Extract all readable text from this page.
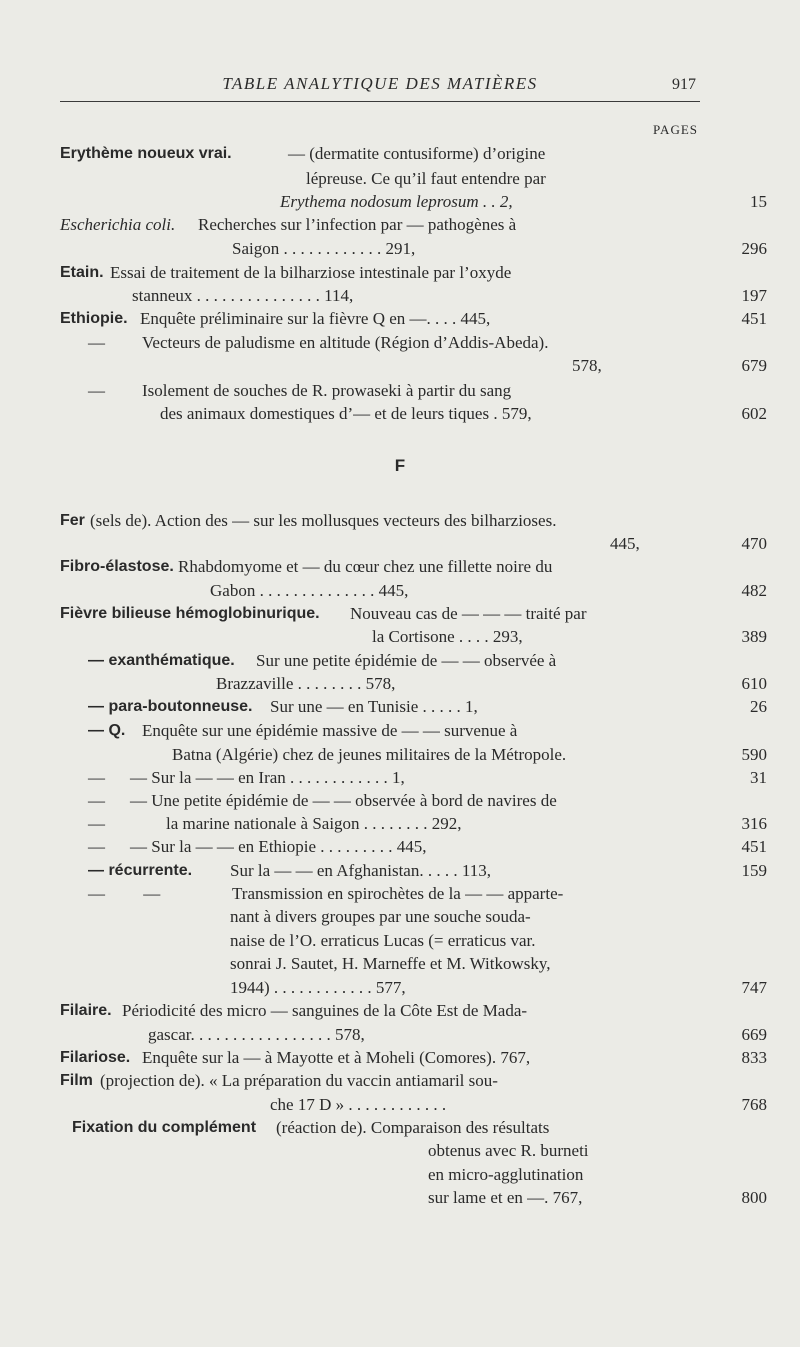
TABLE ANALYTIQUE DES MATIÈRES	917
PAGES
Erythème noueux vrai.	— (dermatite contusiforme) d’origine
lépreuse. Ce qu’il faut entendre par
Erythema nodosum leprosum . . 2,	15
Escherichia coli. Recherches sur l’infection par — pathogènes à
Saigon . . . . . . . . . . . . 291,	296
Etain. Essai de traitement de la bilharziose intestinale par l’oxyde
stanneux . . . . . . . . . . . . . . . 114,	197
Ethiopie. Enquête préliminaire sur la fièvre Q en —. . . . 445,	451
— Vecteurs de paludisme en altitude (Région d’Addis-Abeda).
578,	679
— Isolement de souches de R. prowaseki à partir du sang
des animaux domestiques d’— et de leurs tiques . 579,	602
F
Fer (sels de). Action des — sur les mollusques vecteurs des bilharzioses.
445,	470
Fibro-élastose. Rhabdomyome et — du cœur chez une fillette noire du
Gabon . . . . . . . . . . . . . . 445,	482
Fièvre bilieuse hémoglobinurique. Nouveau cas de — — — traité par
la Cortisone . . . . 293,	389
— exanthématique. Sur une petite épidémie de — — observée à
Brazzaville . . . . . . . . 578,	610
— para-boutonneuse. Sur une — en Tunisie . . . . . 1,	26
— Q. Enquête sur une épidémie massive de — — survenue à
Batna (Algérie) chez de jeunes militaires de la Métropole.	590
— — Sur la — — en Iran . . . . . . . . . . . . 1,	31
— — Une petite épidémie de — — observée à bord de navires de
—	la marine nationale à Saigon . . . . . . . . 292,	316
— — Sur la — — en Ethiopie . . . . . . . . . 445,	451
— récurrente. Sur la — — en Afghanistan. . . . . 113,	159
— —	Transmission en spirochètes de la — — apparte-
nant à divers groupes par une souche souda-
naise de l’O. erraticus Lucas (= erraticus var.
sonrai J. Sautet, H. Marneffe et M. Witkowsky,
1944) . . . . . . . . . . . . 577,	747
Filaire. Périodicité des micro — sanguines de la Côte Est de Mada-
gascar. . . . . . . . . . . . . . . . . 578,	669
Filariose. Enquête sur la — à Mayotte et à Moheli (Comores). 767,	833
Film (projection de). « La préparation du vaccin antiamaril sou-
che 17 D » . . . . . . . . . . . .	768
Fixation du complément (réaction de). Comparaison des résultats
obtenus avec R. burneti
en micro-agglutination
sur lame et en —. 767,	800
